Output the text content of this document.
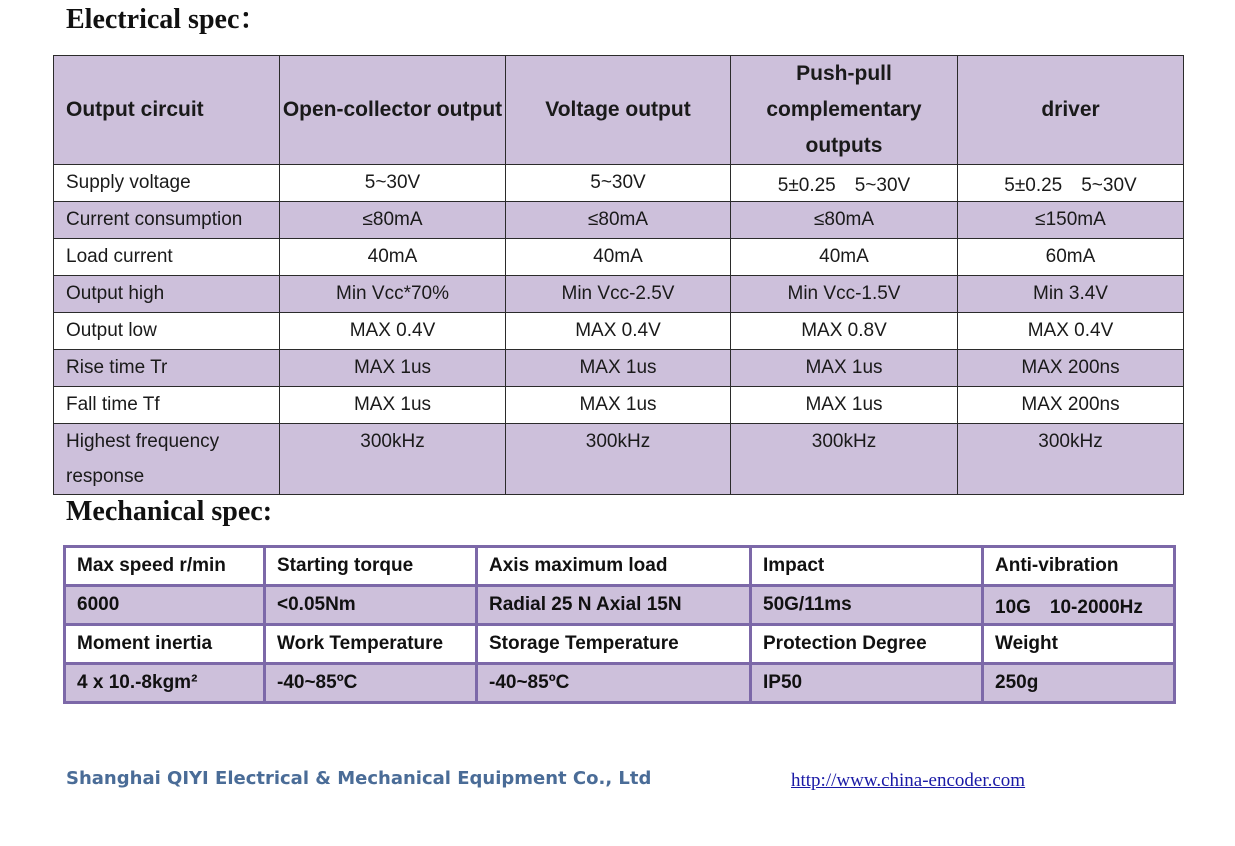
Electrical spec：
Output circuit	Open-collector output	Voltage output	Push-pull complementary outputs	driver
Supply voltage	5~30V	5~30V	5±0.25　5~30V	5±0.25　5~30V
Current consumption	≤80mA	≤80mA	≤80mA	≤150mA
Load current	40mA	40mA	40mA	60mA
Output high	Min Vcc*70%	Min Vcc-2.5V	Min Vcc-1.5V	Min 3.4V
Output low	MAX 0.4V	MAX 0.4V	MAX 0.8V	MAX 0.4V
Rise time Tr	MAX 1us	MAX 1us	MAX 1us	MAX 200ns
Fall time Tf	MAX 1us	MAX 1us	MAX 1us	MAX 200ns
Highest frequency response	300kHz	300kHz	300kHz	300kHz
Mechanical spec:
Max speed r/min	Starting torque	Axis maximum load	Impact	Anti-vibration
6000	<0.05Nm	Radial 25 N Axial 15N	50G/11ms	10G　10-2000Hz
Moment inertia	Work Temperature	Storage Temperature	Protection Degree	Weight
4 x 10.-8kgm²	-40~85ºC	-40~85ºC	IP50	250g

Shanghai QIYI Electrical & Mechanical Equipment Co., Ltd	http://www.china-encoder.com
